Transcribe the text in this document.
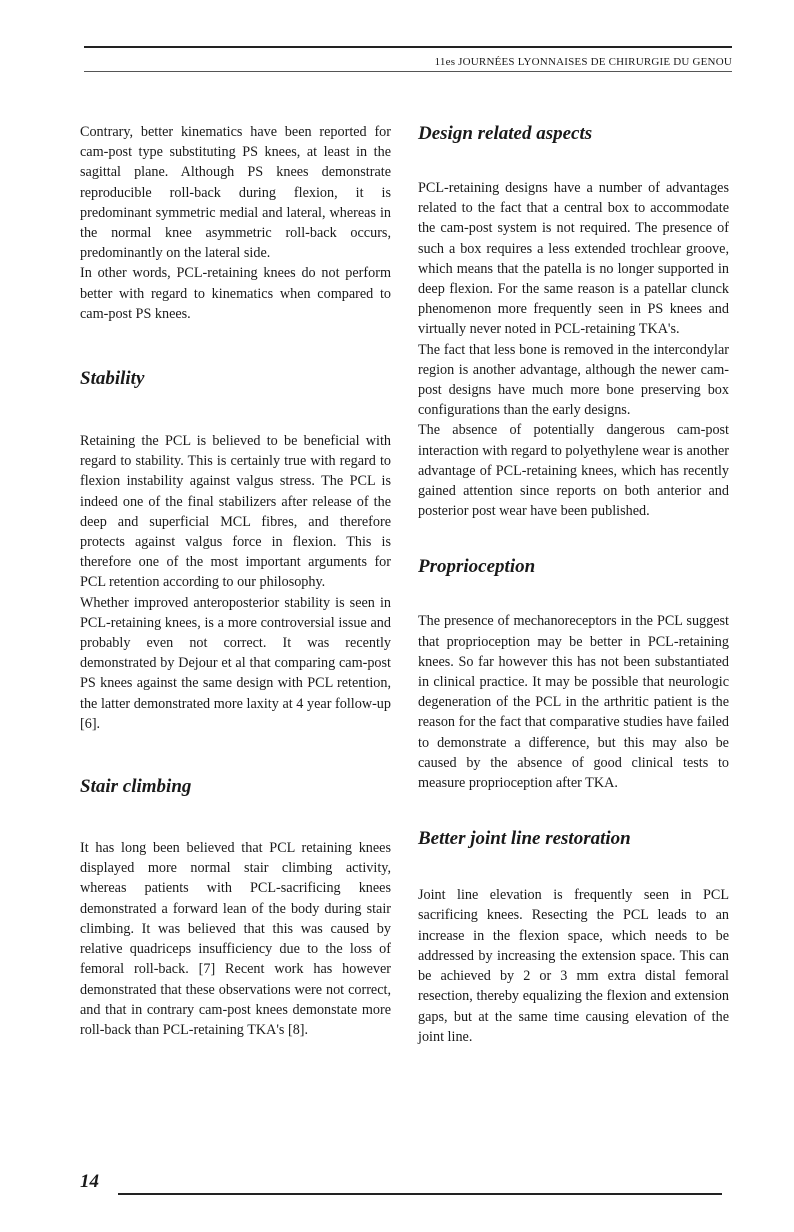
11es JOURNÉES LYONNAISES DE CHIRURGIE DU GENOU

Contrary, better kinematics have been reported for cam-post type substituting PS knees, at least in the sagittal plane. Although PS knees demonstrate reproducible roll-back during flexion, it is predominant symmetric medial and lateral, whereas in the normal knee asymmetric roll-back occurs, predominantly on the lateral side.

In other words, PCL-retaining knees do not perform better with regard to kinematics when compared to cam-post PS knees.

Stability

Retaining the PCL is believed to be beneficial with regard to stability. This is certainly true with regard to flexion instability against valgus stress. The PCL is indeed one of the final stabilizers after release of the deep and superficial MCL fibres, and therefore protects against valgus force in flexion. This is therefore one of the most important arguments for PCL retention according to our philosophy.

Whether improved anteroposterior stability is seen in PCL-retaining knees, is a more controversial issue and probably even not correct. It was recently demonstrated by Dejour et al that comparing cam-post PS knees against the same design with PCL retention, the latter demonstrated more laxity at 4 year follow-up [6].

Stair climbing

It has long been believed that PCL retaining knees displayed more normal stair climbing activity, whereas patients with PCL-sacrificing knees demonstrated a forward lean of the body during stair climbing. It was believed that this was caused by relative quadriceps insufficiency due to the loss of femoral roll-back. [7] Recent work has however demonstrated that these observations were not correct, and that in contrary cam-post knees demonstate more roll-back than PCL-retaining TKA's [8].

Design related aspects

PCL-retaining designs have a number of advantages related to the fact that a central box to accommodate the cam-post system is not required. The presence of such a box requires a less extended trochlear groove, which means that the patella is no longer supported in deep flexion. For the same reason is a patellar clunck phenomenon more frequently seen in PS knees and virtually never noted in PCL-retaining TKA's.

The fact that less bone is removed in the intercondylar region is another advantage, although the newer cam-post designs have much more bone preserving box configurations than the early designs.

The absence of potentially dangerous cam-post interaction with regard to polyethylene wear is another advantage of PCL-retaining knees, which has recently gained attention since reports on both anterior and posterior post wear have been published.

Proprioception

The presence of mechanoreceptors in the PCL suggest that proprioception may be better in PCL-retaining knees. So far however this has not been substantiated in clinical practice. It may be possible that neurologic degeneration of the PCL in the arthritic patient is the reason for the fact that comparative studies have failed to demonstrate a difference, but this may also be caused by the absence of good clinical tests to measure proprioception after TKA.

Better joint line restoration

Joint line elevation is frequently seen in PCL sacrificing knees. Resecting the PCL leads to an increase in the flexion space, which needs to be addressed by increasing the extension space. This can be achieved by 2 or 3 mm extra distal femoral resection, thereby equalizing the flexion and extension gaps, but at the same time causing elevation of the joint line.

14
